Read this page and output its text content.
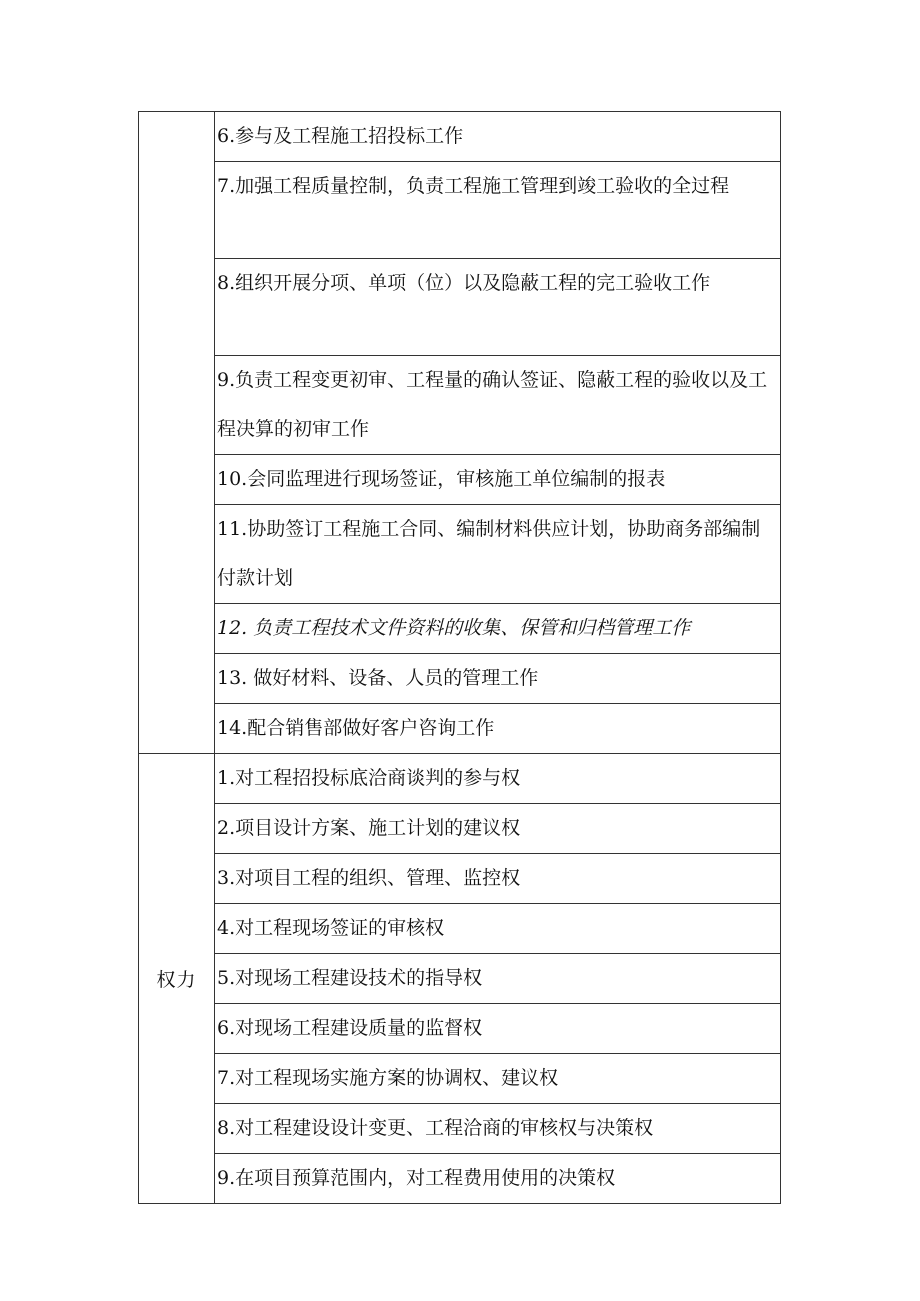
	6.参与及工程施工招投标工作

	7.加强工程质量控制，负责工程施工管理到竣工验收的全过程

	8.组织开展分项、单项（位）以及隐蔽工程的完工验收工作

	9.负责工程变更初审、工程量的确认签证、隐蔽工程的验收以及工程决算的初审工作

	10.会同监理进行现场签证，审核施工单位编制的报表

	11.协助签订工程施工合同、编制材料供应计划，协助商务部编制付款计划

	12. 负责工程技术文件资料的收集、保管和归档管理工作

	13. 做好材料、设备、人员的管理工作

	14.配合销售部做好客户咨询工作

权力	1.对工程招投标底洽商谈判的参与权

	2.项目设计方案、施工计划的建议权

	3.对项目工程的组织、管理、监控权

	4.对工程现场签证的审核权

	5.对现场工程建设技术的指导权

	6.对现场工程建设质量的监督权

	7.对工程现场实施方案的协调权、建议权

	8.对工程建设设计变更、工程洽商的审核权与决策权

	9.在项目预算范围内，对工程费用使用的决策权
